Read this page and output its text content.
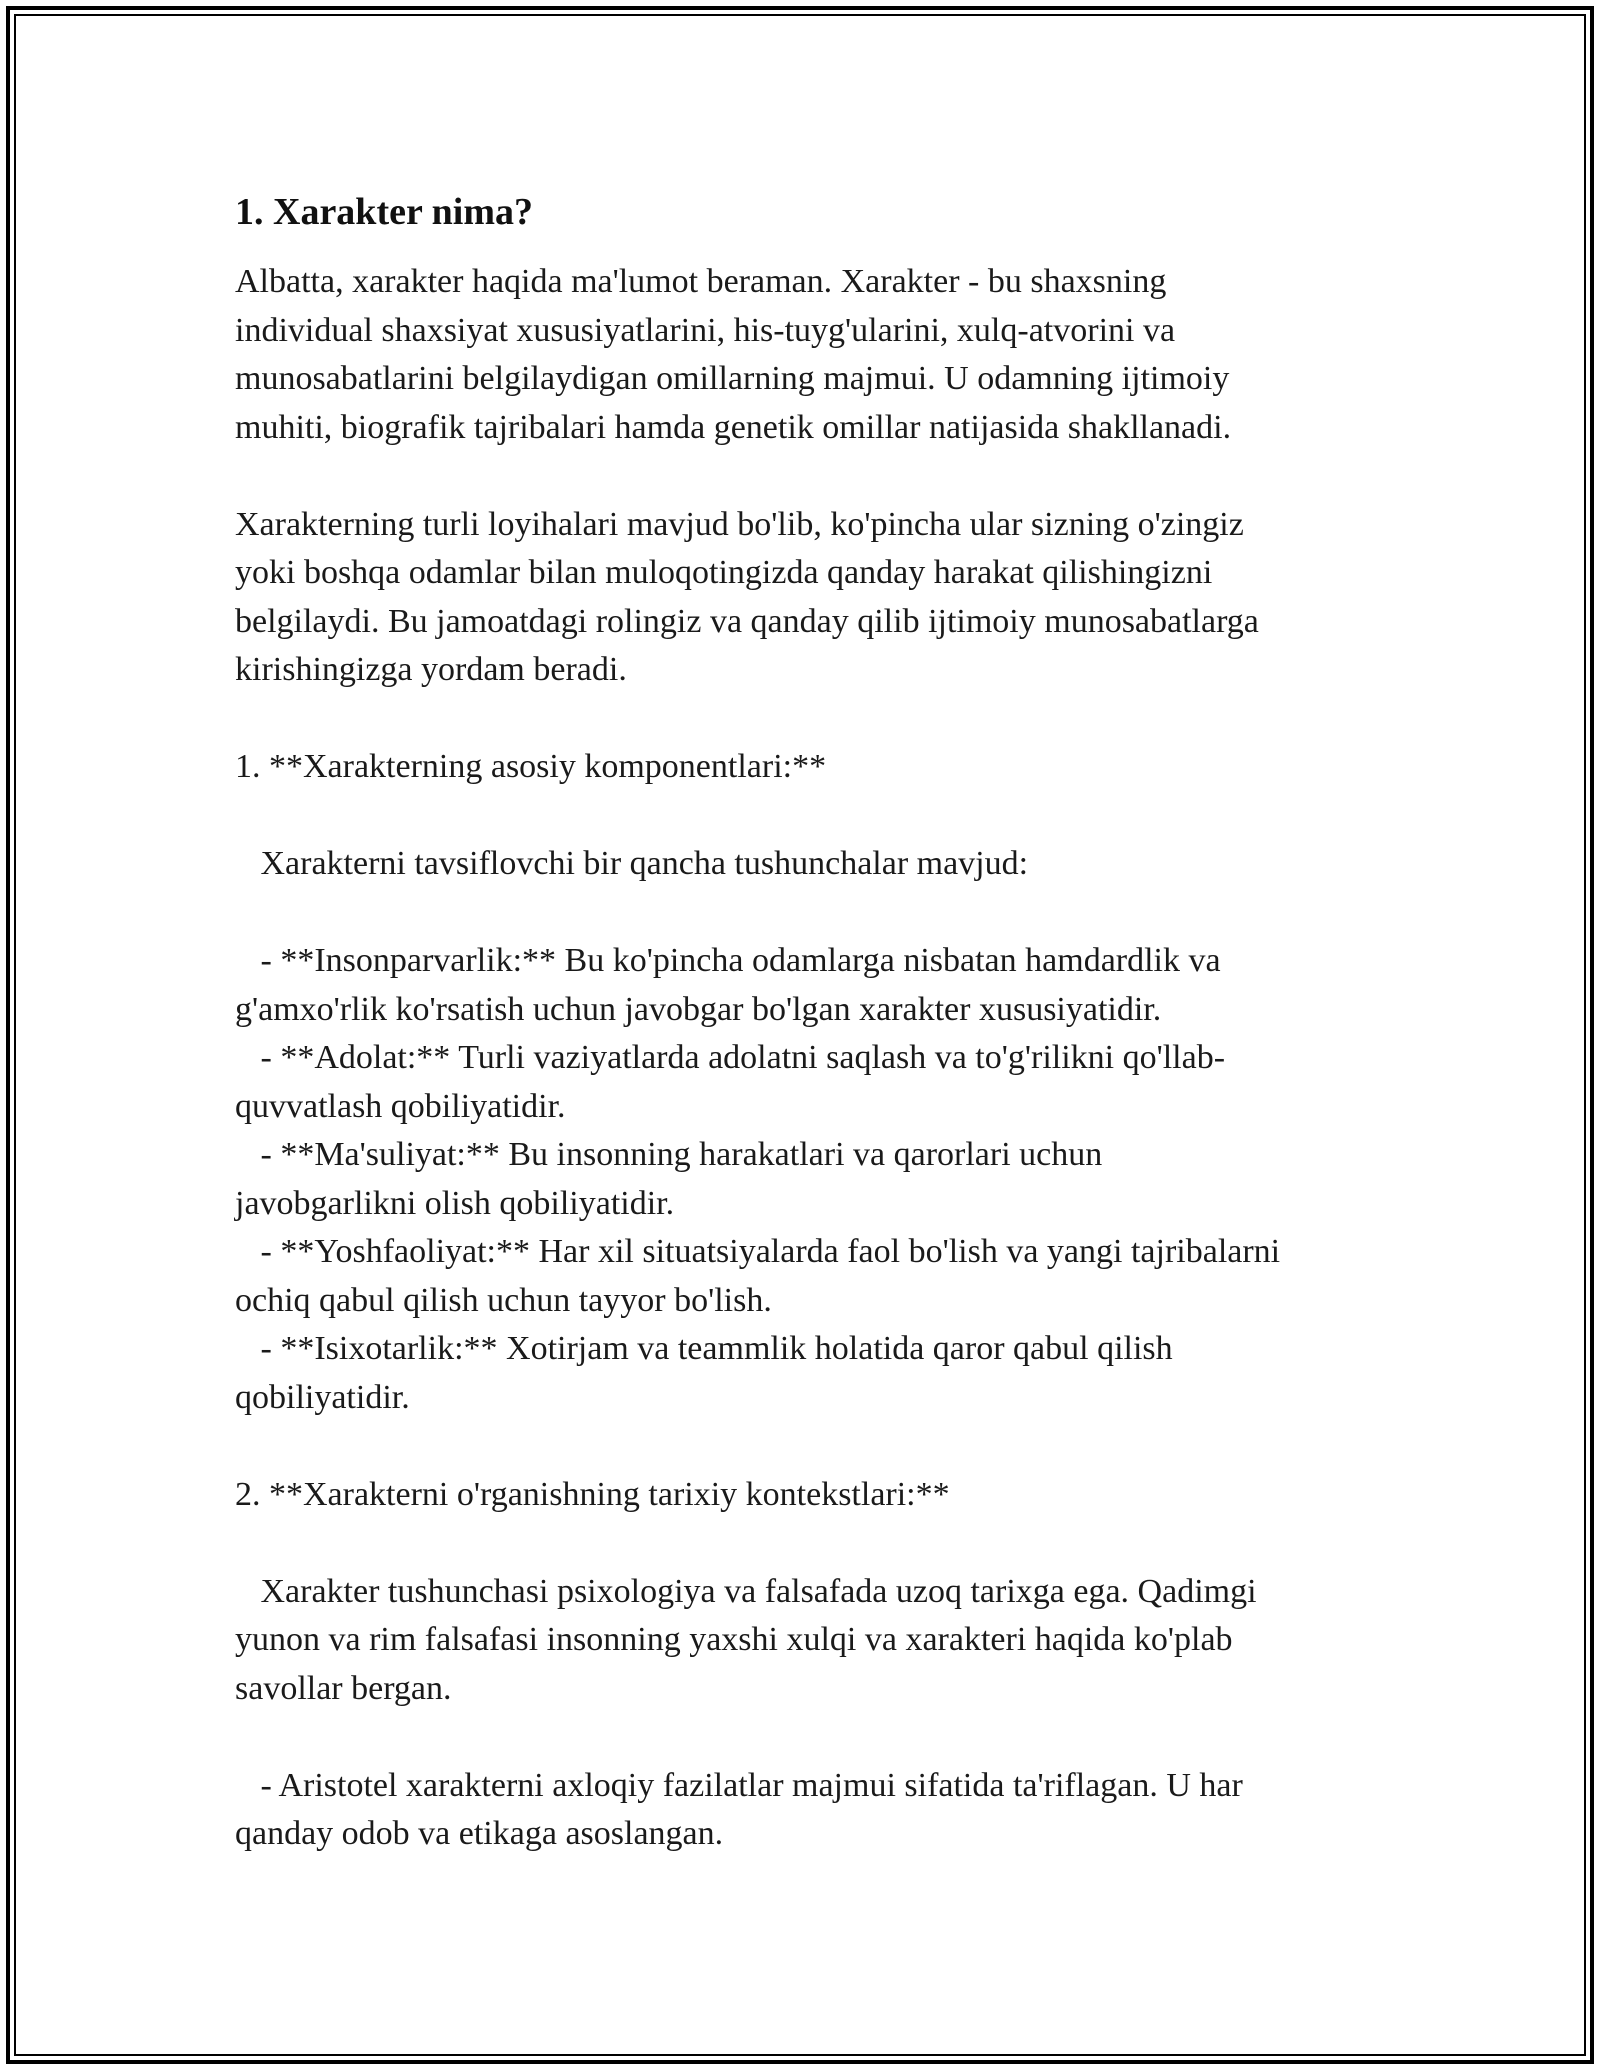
1. Xarakter nima?
Albatta, xarakter haqida ma'lumot beraman. Xarakter - bu shaxsning
individual shaxsiyat xususiyatlarini, his-tuyg'ularini, xulq-atvorini va
munosabatlarini belgilaydigan omillarning majmui. U odamning ijtimoiy
muhiti, biografik tajribalari hamda genetik omillar natijasida shakllanadi.
Xarakterning turli loyihalari mavjud bo'lib, ko'pincha ular sizning o'zingiz
yoki boshqa odamlar bilan muloqotingizda qanday harakat qilishingizni
belgilaydi. Bu jamoatdagi rolingiz va qanday qilib ijtimoiy munosabatlarga
kirishingizga yordam beradi.
1. **Xarakterning asosiy komponentlari:**
Xarakterni tavsiflovchi bir qancha tushunchalar mavjud:
- **Insonparvarlik:** Bu ko'pincha odamlarga nisbatan hamdardlik va
g'amxo'rlik ko'rsatish uchun javobgar bo'lgan xarakter xususiyatidir.
- **Adolat:** Turli vaziyatlarda adolatni saqlash va to'g'rilikni qo'llab-
quvvatlash qobiliyatidir.
- **Ma'suliyat:** Bu insonning harakatlari va qarorlari uchun
javobgarlikni olish qobiliyatidir.
- **Yoshfaoliyat:** Har xil situatsiyalarda faol bo'lish va yangi tajribalarni
ochiq qabul qilish uchun tayyor bo'lish.
- **Isixotarlik:** Xotirjam va teammlik holatida qaror qabul qilish
qobiliyatidir.
2. **Xarakterni o'rganishning tarixiy kontekstlari:**
Xarakter tushunchasi psixologiya va falsafada uzoq tarixga ega. Qadimgi
yunon va rim falsafasi insonning yaxshi xulqi va xarakteri haqida ko'plab
savollar bergan.
- Aristotel xarakterni axloqiy fazilatlar majmui sifatida ta'riflagan. U har
qanday odob va etikaga asoslangan.
